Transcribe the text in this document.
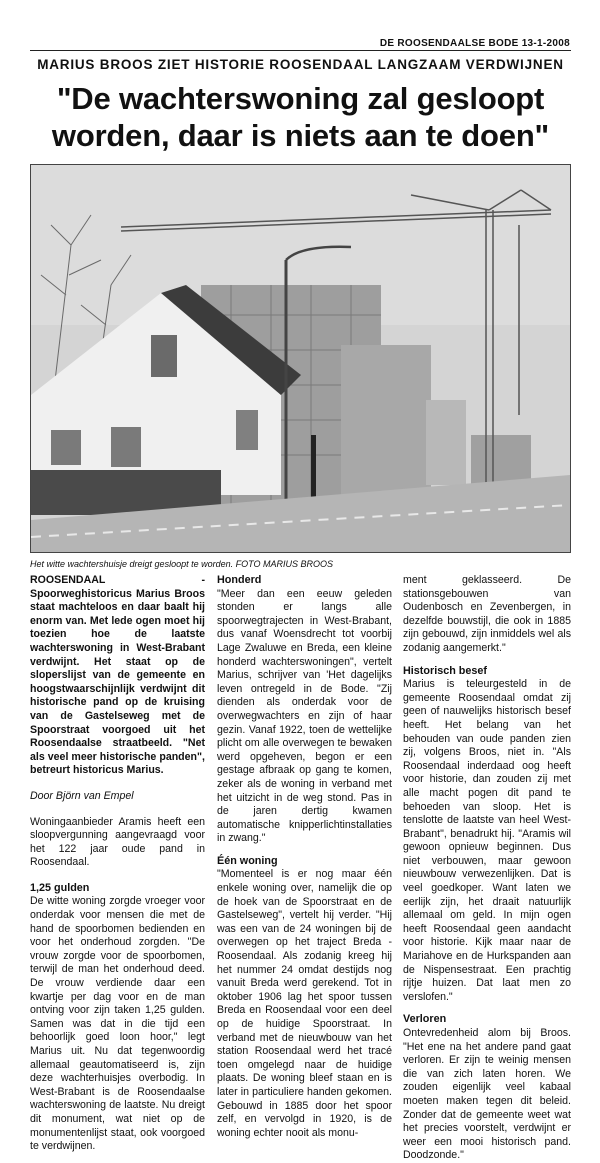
DE ROOSENDAALSE BODE 13-1-2008
MARIUS BROOS ZIET HISTORIE ROOSENDAAL LANGZAAM VERDWIJNEN
"De wachterswoning zal gesloopt worden, daar is niets aan te doen"
Het witte wachtershuisje dreigt gesloopt te worden. FOTO MARIUS BROOS

ROOSENDAAL - Spoorweghistoricus Marius Broos staat machteloos en daar baalt hij enorm van. Met lede ogen moet hij toezien hoe de laatste wachterswoning in West-Brabant verdwijnt. Het staat op de sloperslijst van de gemeente en hoogstwaarschijnlijk verdwijnt dit historische pand op de kruising van de Gastelseweg met de Spoorstraat voorgoed uit het Roosendaalse straatbeeld. "Net als veel meer historische panden", betreurt historicus Marius.

Door Björn van Empel

Woningaanbieder Aramis heeft een sloopvergunning aangevraagd voor het 122 jaar oude pand in Roosendaal.

1,25 gulden

De witte woning zorgde vroeger voor onderdak voor mensen die met de hand de spoorbomen bedienden en voor het onderhoud zorgden. "De vrouw zorgde voor de spoorbomen, terwijl de man het onderhoud deed. De vrouw verdiende daar een kwartje per dag voor en de man ontving voor zijn taken 1,25 gulden. Samen was dat in die tijd een behoorlijk goed loon hoor," legt Marius uit. Nu dat tegenwoordig allemaal geautomatiseerd is, zijn deze wachterhuisjes overbodig. In West-Brabant is de Roosendaalse wachterswoning de laatste. Nu dreigt dit monument, wat niet op de monumentenlijst staat, ook voorgoed te verdwijnen.

Honderd

"Meer dan een eeuw geleden stonden er langs alle spoorwegtrajecten in West-Brabant, dus vanaf Woensdrecht tot voorbij Lage Zwaluwe en Breda, een kleine honderd wachterswoningen", vertelt Marius, schrijver van 'Het dagelijks leven ontregeld in de Bode. "Zij dienden als onderdak voor de overwegwachters en zijn of haar gezin. Vanaf 1922, toen de wettelijke plicht om alle overwegen te bewaken werd opgeheven, begon er een gestage afbraak op gang te komen, zeker als de woning in verband met het uitzicht in de weg stond. Pas in de jaren dertig kwamen automatische knipperlichtinstallaties in zwang."

Één woning

"Momenteel is er nog maar één enkele woning over, namelijk die op de hoek van de Spoorstraat en de Gastelseweg", vertelt hij verder. "Hij was een van de 24 woningen bij de overwegen op het traject Breda - Roosendaal. Als zodanig kreeg hij het nummer 24 omdat destijds nog vanuit Breda werd gerekend. Tot in oktober 1906 lag het spoor tussen Breda en Roosendaal voor een deel op de huidige Spoorstraat. In verband met de nieuwbouw van het station Roosendaal werd het tracé toen omgelegd naar de huidige plaats. De woning bleef staan en is later in particuliere handen gekomen. Gebouwd in 1885 door het spoor zelf, en vervolgd in 1920, is de woning echter nooit als monu-

ment geklasseerd. De stationsgebouwen van Oudenbosch en Zevenbergen, in dezelfde bouwstijl, die ook in 1885 zijn gebouwd, zijn inmiddels wel als zodanig aangemerkt."

Historisch besef

Marius is teleurgesteld in de gemeente Roosendaal omdat zij geen of nauwelijks historisch besef heeft. Het belang van het behouden van oude panden zien zij, volgens Broos, niet in. "Als Roosendaal inderdaad oog heeft voor historie, dan zouden zij met alle macht pogen dit pand te behoeden van sloop. Het is tenslotte de laatste van heel West-Brabant", benadrukt hij. "Aramis wil gewoon opnieuw beginnen. Dus niet verbouwen, maar gewoon nieuwbouw verwezenlijken. Dat is veel goedkoper. Want laten we eerlijk zijn, het draait natuurlijk allemaal om geld. In mijn ogen heeft Roosendaal geen aandacht voor historie. Kijk maar naar de Mariahove en de Hurkspanden aan de Nispensestraat. Een prachtig rijtje huizen. Dat laat men zo verslofen."

Verloren

Ontevredenheid alom bij Broos. "Het ene na het andere pand gaat verloren. Er zijn te weinig mensen die van zich laten horen. We zouden eigenlijk veel kabaal moeten maken tegen dit beleid. Zonder dat de gemeente weet wat het precies voorstelt, verdwijnt er weer een mooi historisch pand. Doodzonde."
